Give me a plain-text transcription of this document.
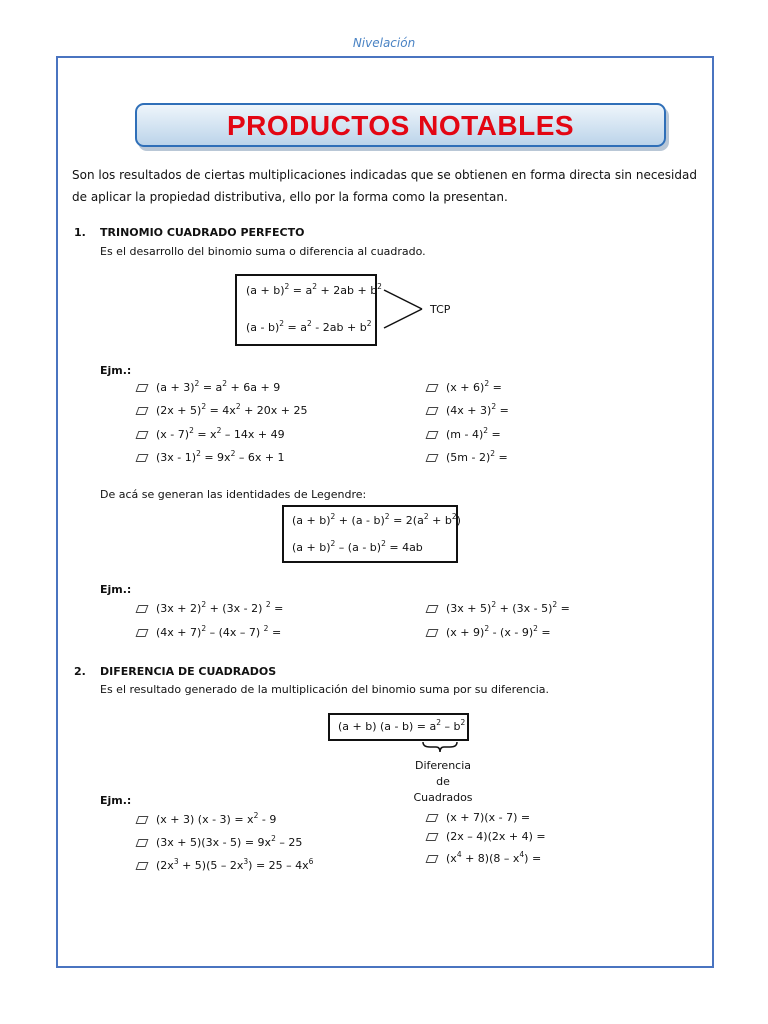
Nivelación
PRODUCTOS NOTABLES
Son los resultados de ciertas multiplicaciones indicadas que se obtienen en forma directa sin necesidad de aplicar la propiedad distributiva, ello por la forma como la presentan.
1. TRINOMIO CUADRADO PERFECTO
Es el desarrollo del binomio suma o diferencia al cuadrado.
$(a + b)^2 = a^2 + 2ab + b^2$
$(a - b)^2 = a^2 - 2ab + b^2$
TCP
Ejm.:
$(a + 3)^2 = a^2 + 6a + 9$
$(2x + 5)^2 = 4x^2 + 20x + 25$
$(x - 7)^2 = x^2 - 14x + 49$
$(3x - 1)^2 = 9x^2 - 6x + 1$
$(x + 6)^2$ =
$(4x + 3)^2$ =
(m - 4)$^2$ =
(5m - 2)$^2$ =
De acá se generan las identidades de Legendre:
$(a + b)^2 + (a - b)^2 = 2(a^2 + b^2)$
$(a + b)^2 - (a - b)^2 = 4ab$
Ejm.:
$(3x + 2)^2 + (3x - 2)$ $^2$ =
$(4x + 7)^2 - (4x - 7)$ $^2$ =
$(3x + 5)^2 + (3x - 5)^2$ =
$(x + 9)^2 - (x - 9)^2$ =
2. DIFERENCIA DE CUADRADOS
Es el resultado generado de la multiplicación del binomio suma por su diferencia.
(a + b) $(a - b) = a^2 - b^2$
Diferencia de
Cuadrados
Ejm.:
(x + 3) $(x - 3) = x^2 - 9$
$(3x + 5)(3x - 5) = 9x^2 - 25$
$(2x^3 + 5)(5 - 2x^3) = 25 - 4x^6$
(x + 7)(x - 7) =
(2x – 4)(2x + 4) =
$(x^4 + 8)(8 - x^4)$ =
